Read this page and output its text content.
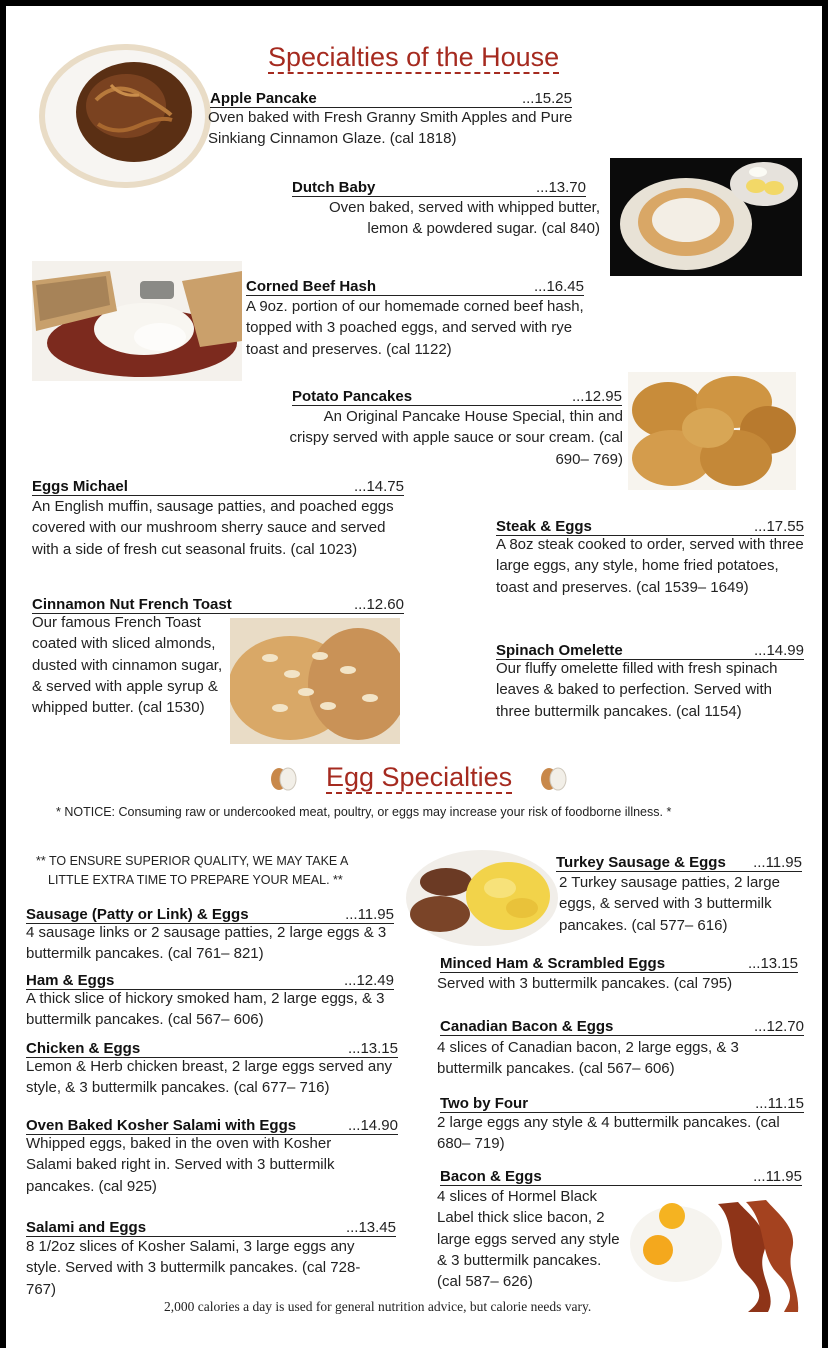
Specialties of the House
Apple Pancake	...15.25
Oven baked with Fresh Granny Smith Apples and Pure Sinkiang Cinnamon Glaze. (cal 1818)
Dutch Baby	...13.70
Oven baked, served with whipped butter, lemon & powdered sugar. (cal 840)
Corned Beef Hash	...16.45
A 9oz. portion of our homemade corned beef hash, topped with 3 poached eggs, and served with rye toast and preserves. (cal 1122)
Potato Pancakes	...12.95
An Original Pancake House Special, thin and crispy served with apple sauce or sour cream. (cal 690– 769)
Eggs Michael	...14.75
An English muffin, sausage patties, and poached eggs covered with our mushroom sherry sauce and served with a side of fresh cut seasonal fruits. (cal 1023)
Cinnamon Nut French Toast	...12.60
Our famous French Toast coated with sliced almonds, dusted with cinnamon sugar, & served with apple syrup & whipped butter. (cal 1530)
Steak & Eggs	...17.55
A 8oz steak cooked to order, served with three large eggs, any style, home fried potatoes, toast and preserves. (cal 1539– 1649)
Spinach Omelette	...14.99
Our fluffy omelette filled with fresh spinach leaves & baked to perfection. Served with three buttermilk pancakes. (cal 1154)
Egg Specialties
* NOTICE: Consuming raw or undercooked meat, poultry, or eggs may increase your risk of foodborne illness. *
** TO ENSURE SUPERIOR QUALITY, WE MAY TAKE A
LITTLE EXTRA TIME TO PREPARE YOUR MEAL. **
Sausage (Patty or Link) & Eggs	...11.95
4 sausage links or 2 sausage patties, 2 large eggs & 3 buttermilk pancakes. (cal 761– 821)
Ham & Eggs	...12.49
A thick slice of hickory smoked ham, 2 large eggs, & 3 buttermilk pancakes. (cal 567– 606)
Chicken & Eggs	...13.15
Lemon & Herb chicken breast, 2 large eggs served any style, & 3 buttermilk pancakes. (cal 677– 716)
Oven Baked Kosher Salami with Eggs	...14.90
Whipped eggs, baked in the oven with Kosher Salami baked right in. Served with 3 buttermilk pancakes. (cal 925)
Salami and Eggs	...13.45
8 1/2oz slices of Kosher Salami, 3 large eggs any style. Served with 3 buttermilk pancakes. (cal 728-767)
Turkey Sausage & Eggs ...11.95
2 Turkey sausage patties, 2 large eggs, & served with 3 buttermilk pancakes. (cal 577– 616)
Minced Ham & Scrambled Eggs	...13.15
Served with 3 buttermilk pancakes. (cal 795)
Canadian Bacon & Eggs	...12.70
4 slices of Canadian bacon, 2 large eggs, & 3 buttermilk pancakes. (cal 567– 606)
Two by Four	...11.15
2 large eggs any style & 4 buttermilk pancakes. (cal 680– 719)
Bacon & Eggs	...11.95
4 slices of Hormel Black Label thick slice bacon, 2 large eggs served any style & 3 buttermilk pancakes. (cal 587– 626)
2,000 calories a day is used for general nutrition advice, but calorie needs vary.
